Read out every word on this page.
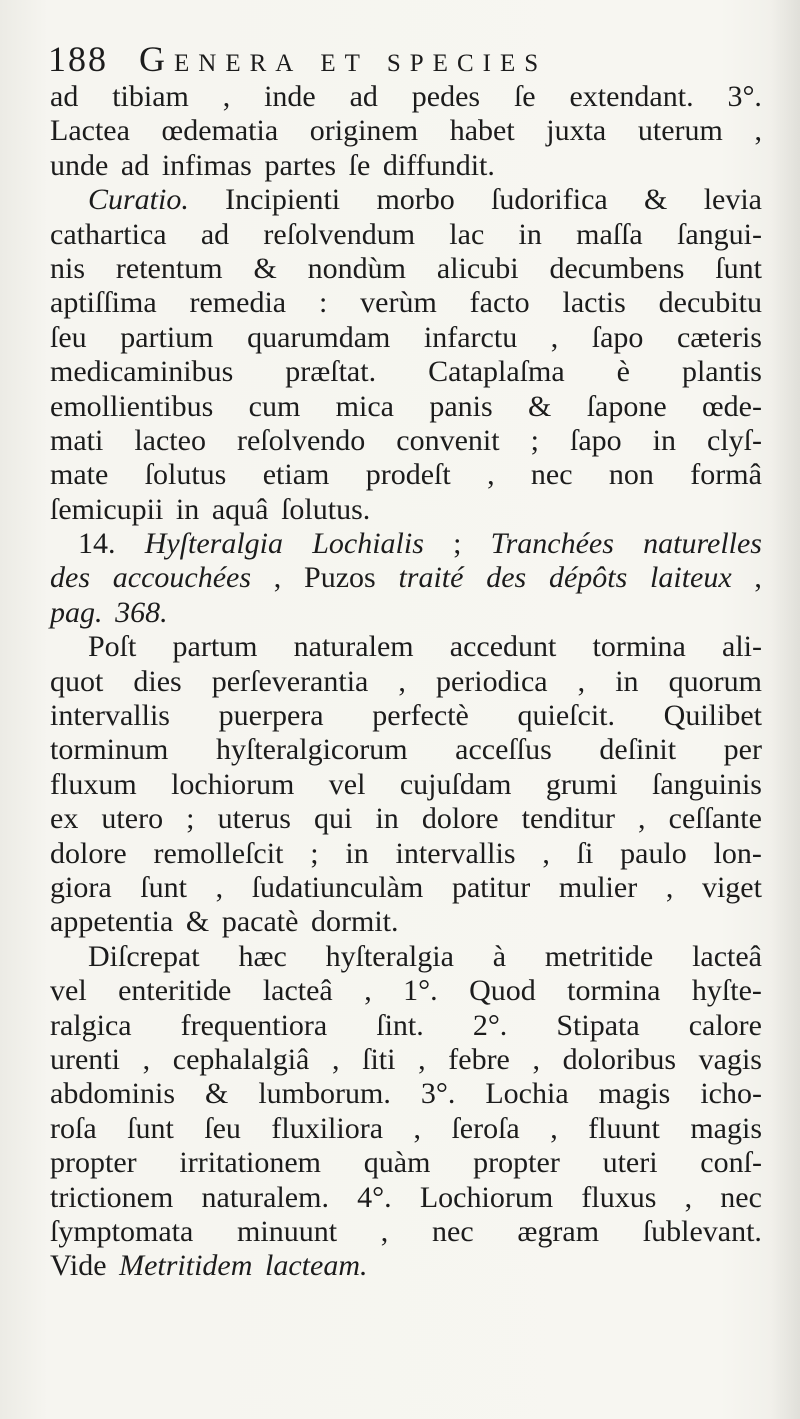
188 Genera et species
ad tibiam , inde ad pedes ſe extendant. 3°.
Lactea œdematia originem habet juxta uterum ,
unde ad infimas partes ſe diffundit.
Curatio. Incipienti morbo ſudorifica & levia
cathartica ad reſolvendum lac in maſſa ſangui-
nis retentum & nondùm alicubi decumbens ſunt
aptiſſima remedia : verùm facto lactis decubitu
ſeu partium quarumdam infarctu , ſapo cæteris
medicaminibus præſtat. Cataplaſma è plantis
emollientibus cum mica panis & ſapone œde-
mati lacteo reſolvendo convenit ; ſapo in clyſ-
mate ſolutus etiam prodeſt , nec non formâ
ſemicupii in aquâ ſolutus.
14. Hyſteralgia Lochialis ; Tranchées naturelles
des accouchées , Puzos traité des dépôts laiteux ,
pag. 368.
Poſt partum naturalem accedunt tormina ali-
quot dies perſeverantia , periodica , in quorum
intervallis puerpera perfectè quieſcit. Quilibet
torminum hyſteralgicorum acceſſus deſinit per
fluxum lochiorum vel cujuſdam grumi ſanguinis
ex utero ; uterus qui in dolore tenditur , ceſſante
dolore remolleſcit ; in intervallis , ſi paulo lon-
giora ſunt , ſudatiunculàm patitur mulier , viget
appetentia & pacatè dormit.
Diſcrepat hæc hyſteralgia à metritide lacteâ
vel enteritide lacteâ , 1°. Quod tormina hyſte-
ralgica frequentiora ſint. 2°. Stipata calore
urenti , cephalalgiâ , ſiti , febre , doloribus vagis
abdominis & lumborum. 3°. Lochia magis icho-
roſa ſunt ſeu fluxiliora , ſeroſa , fluunt magis
propter irritationem quàm propter uteri conſ-
trictionem naturalem. 4°. Lochiorum fluxus , nec
ſymptomata minuunt , nec ægram ſublevant.
Vide Metritidem lacteam.
